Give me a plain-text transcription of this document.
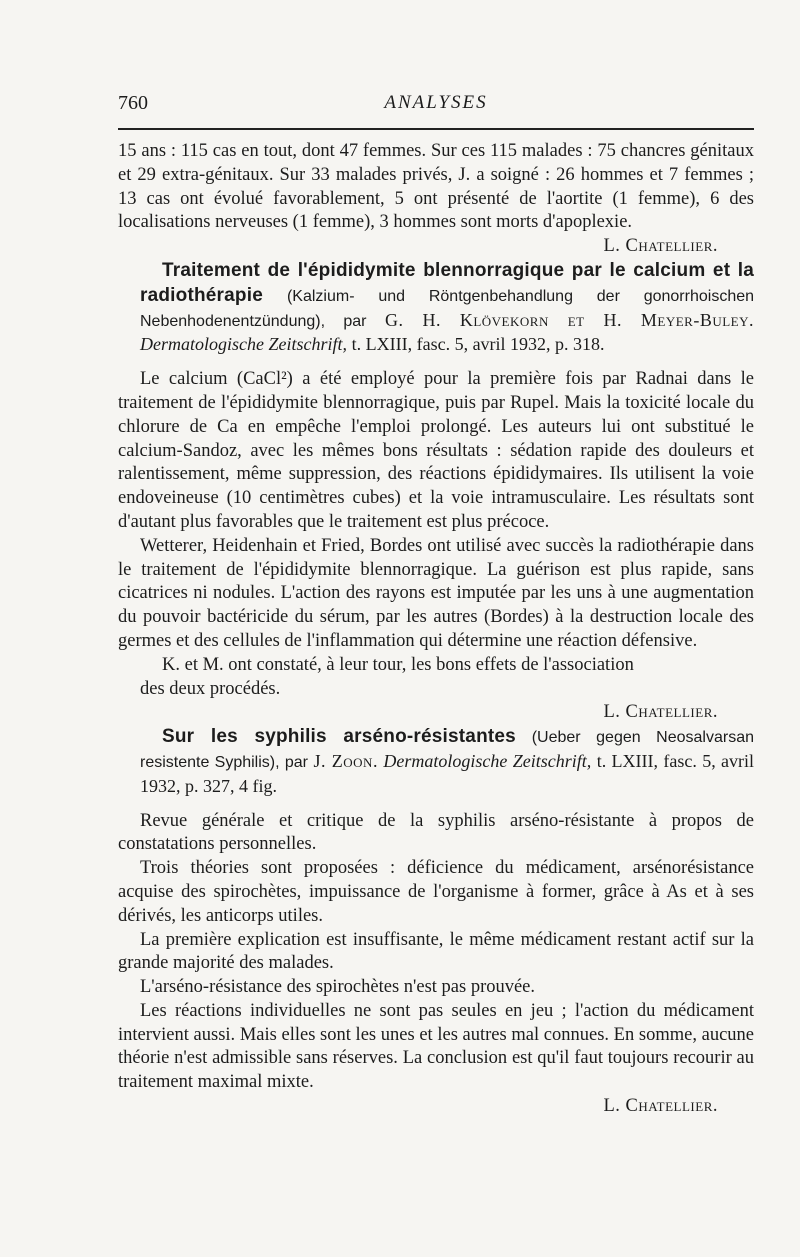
760	ANALYSES

15 ans : 115 cas en tout, dont 47 femmes. Sur ces 115 malades : 75 chancres génitaux et 29 extra-génitaux. Sur 33 malades privés, J. a soigné : 26 hommes et 7 femmes ; 13 cas ont évolué favorablement, 5 ont présenté de l'aortite (1 femme), 6 des localisations nerveuses (1 femme), 3 hommes sont morts d'apoplexie.

L. Chatellier.

Traitement de l'épididymite blennorragique par le calcium et la radiothérapie (Kalzium- und Röntgenbehandlung der gonorrhoischen Nebenhodenentzündung), par G. H. Klövekorn et H. Meyer-Buley. Dermatologische Zeitschrift, t. LXIII, fasc. 5, avril 1932, p. 318.

Le calcium (CaCl²) a été employé pour la première fois par Radnai dans le traitement de l'épididymite blennorragique, puis par Rupel. Mais la toxicité locale du chlorure de Ca en empêche l'emploi prolongé. Les auteurs lui ont substitué le calcium-Sandoz, avec les mêmes bons résultats : sédation rapide des douleurs et ralentissement, même suppression, des réactions épididymaires. Ils utilisent la voie endoveineuse (10 centimètres cubes) et la voie intramusculaire. Les résultats sont d'autant plus favorables que le traitement est plus précoce.

Wetterer, Heidenhain et Fried, Bordes ont utilisé avec succès la radiothérapie dans le traitement de l'épididymite blennorragique. La guérison est plus rapide, sans cicatrices ni nodules. L'action des rayons est imputée par les uns à une augmentation du pouvoir bactéricide du sérum, par les autres (Bordes) à la destruction locale des germes et des cellules de l'inflammation qui détermine une réaction défensive.

K. et M. ont constaté, à leur tour, les bons effets de l'association des deux procédés.
L. Chatellier.

Sur les syphilis arséno-résistantes (Ueber gegen Neosalvarsan resistente Syphilis), par J. Zoon. Dermatologische Zeitschrift, t. LXIII, fasc. 5, avril 1932, p. 327, 4 fig.

Revue générale et critique de la syphilis arséno-résistante à propos de constatations personnelles.

Trois théories sont proposées : déficience du médicament, arsénorésistance acquise des spirochètes, impuissance de l'organisme à former, grâce à As et à ses dérivés, les anticorps utiles.

La première explication est insuffisante, le même médicament restant actif sur la grande majorité des malades.

L'arséno-résistance des spirochètes n'est pas prouvée.

Les réactions individuelles ne sont pas seules en jeu ; l'action du médicament intervient aussi. Mais elles sont les unes et les autres mal connues. En somme, aucune théorie n'est admissible sans réserves. La conclusion est qu'il faut toujours recourir au traitement maximal mixte.

L. Chatellier.
